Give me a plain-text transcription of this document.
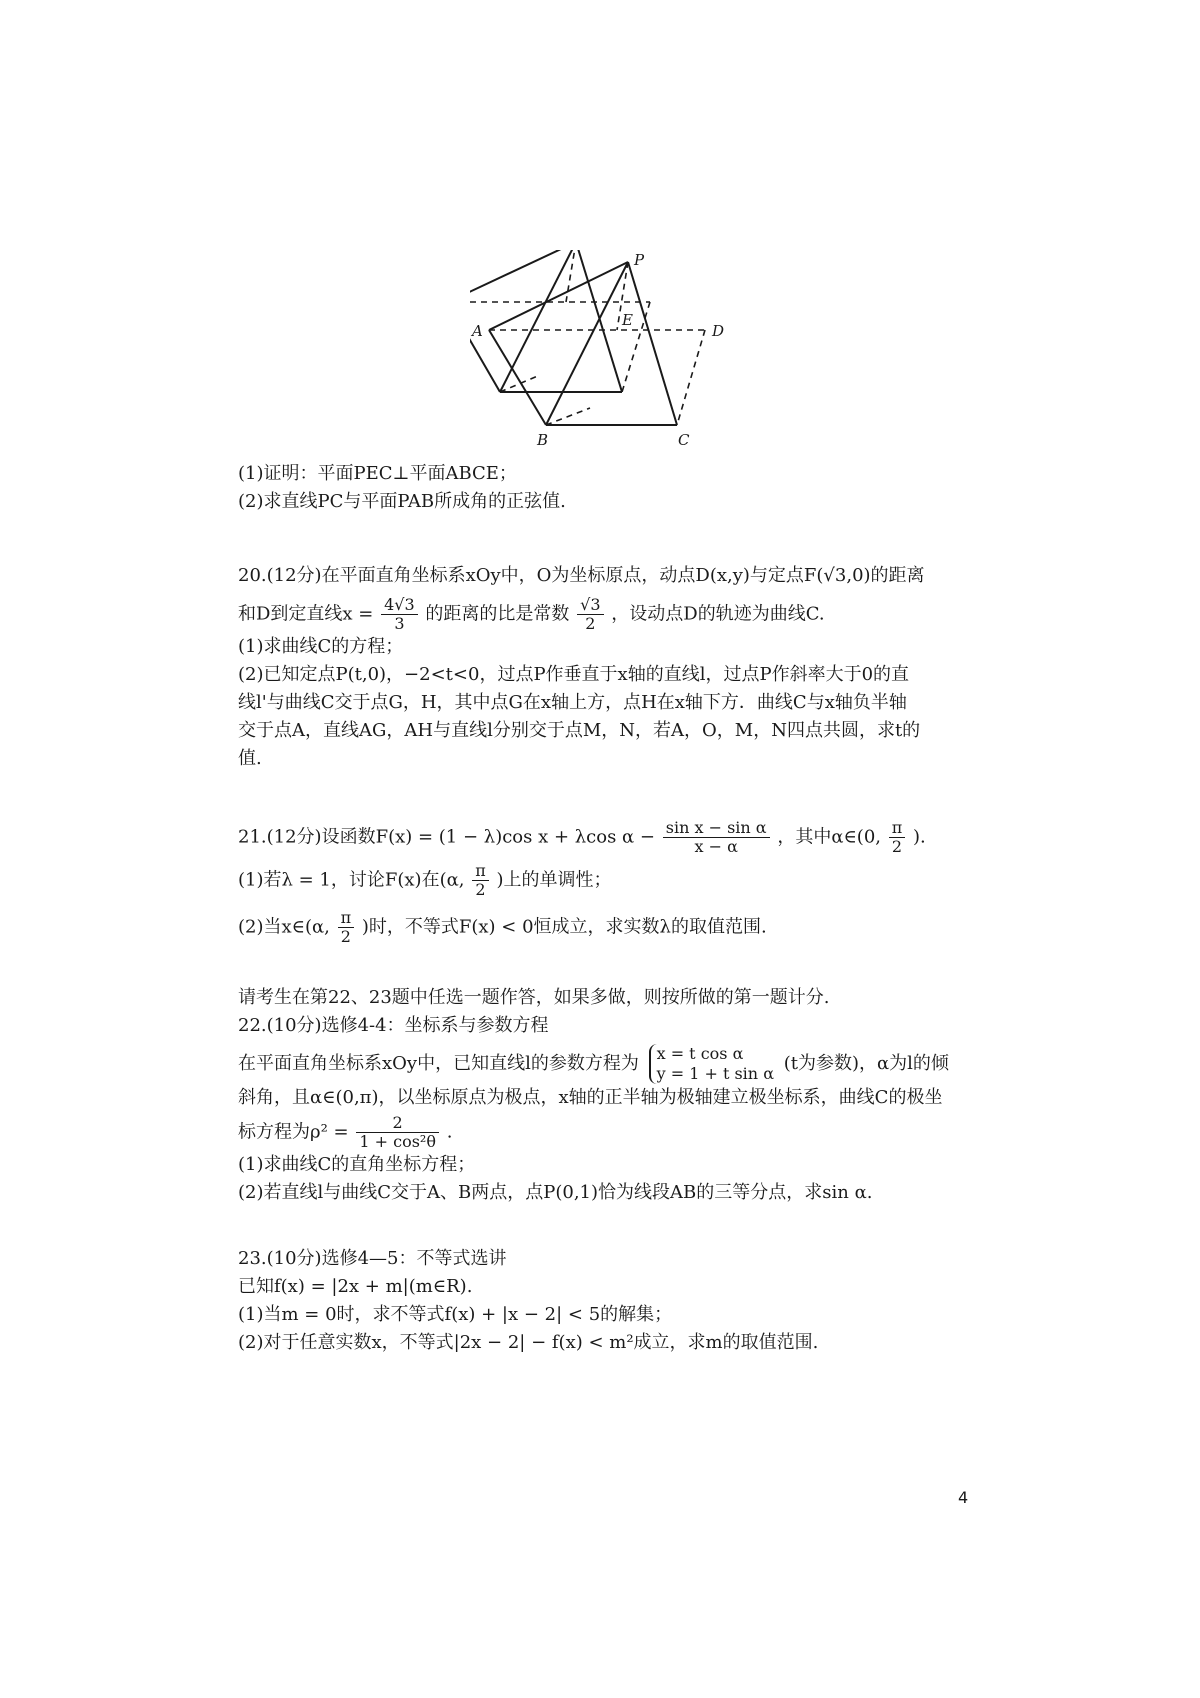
P
A
B	C
D
E
(1)证明：平面PEC⊥平面ABCE；
(2)求直线PC与平面PAB所成角的正弦值.
20.(12分)在平面直角坐标系xOy中，O为坐标原点，动点D(x,y)与定点F(√3,0)的距离
和D到定直线$x = \frac{4√3}{3}$ 的距离的比是常数 $\frac{√3}{2}$ ，设动点D的轨迹为曲线C.
(1)求曲线C的方程；
(2)已知定点P(t,0)，−2<t<0，过点P作垂直于x轴的直线l，过点P作斜率大于0的直
线l'与曲线C交于点G，H，其中点G在x轴上方，点H在x轴下方．曲线C与x轴负半轴
交于点A，直线AG，AH与直线l分别交于点M，N，若A，O，M，N四点共圆，求t的
值.
21.(12分)设函数F(x) = (1 − λ)cos x + λcos $\alpha - \frac{\text{sin x − sin α}}{x - \alpha}$ ，其中α∈(0, $\frac{\pi}{2}$ ).
(1)若λ = 1，讨论F(x)在(α, $\frac{\pi}{2}$ )上的单调性；
(2)当x∈(α, $\frac{\pi}{2}$ )时，不等式F(x) < 0恒成立，求实数λ的取值范围.
请考生在第22、23题中任选一题作答，如果多做，则按所做的第一题计分.
22.(10分)选修4-4：坐标系与参数方程
在平面直角坐标系xOy中，已知直线l的参数方程为 x = t cos α
y = 1 + t sin α (t为参数)，α为l的倾
斜角，且α∈(0,π)，以坐标原点为极点，x轴的正半轴为极轴建立极坐标系，曲线C的极坐
标方程为$\rho^2 = \frac{2}{\text{1 + cos²θ}}$ .
(1)求曲线C的直角坐标方程；
(2)若直线l与曲线C交于A、B两点，点P(0,1)恰为线段AB的三等分点，求sin α.
23.(10分)选修4—5：不等式选讲
已知f(x) = |2x + m|(m∈R).
(1)当m = 0时，求不等式f(x) + |x − 2| < 5的解集；
(2)对于任意实数x，不等式|2x − 2| − f(x) < m²成立，求m的取值范围.
4
